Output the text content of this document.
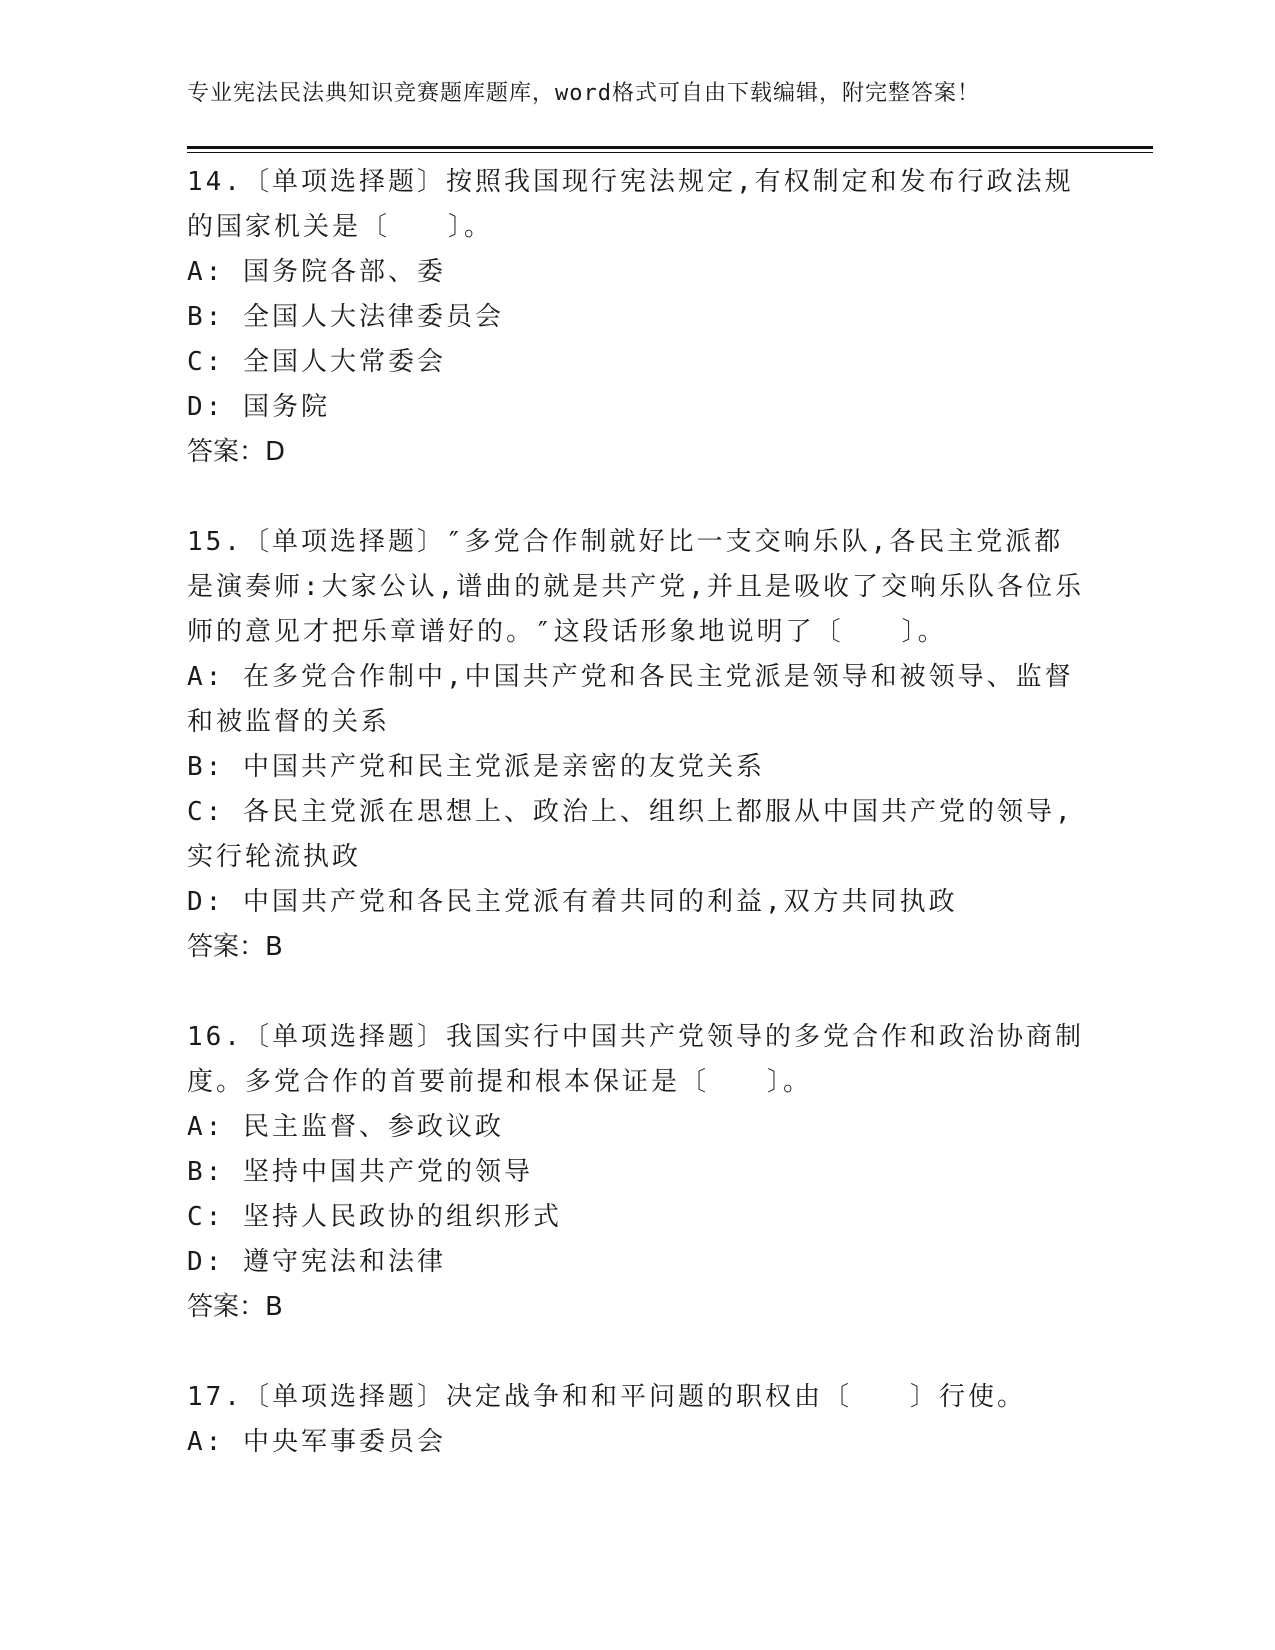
专业宪法民法典知识竞赛题库题库，word格式可自由下载编辑，附完整答案！
14.〔单项选择题〕按照我国现行宪法规定,有权制定和发布行政法规
的国家机关是〔　　〕。
A: 国务院各部、委
B: 全国人大法律委员会
C: 全国人大常委会
D: 国务院
答案：D
15.〔单项选择题〕″多党合作制就好比一支交响乐队,各民主党派都
是演奏师:大家公认,谱曲的就是共产党,并且是吸收了交响乐队各位乐
师的意见才把乐章谱好的。″这段话形象地说明了〔　　〕。
A: 在多党合作制中,中国共产党和各民主党派是领导和被领导、监督
和被监督的关系
B: 中国共产党和民主党派是亲密的友党关系
C: 各民主党派在思想上、政治上、组织上都服从中国共产党的领导,
实行轮流执政
D: 中国共产党和各民主党派有着共同的利益,双方共同执政
答案：B
16.〔单项选择题〕我国实行中国共产党领导的多党合作和政治协商制
度。多党合作的首要前提和根本保证是〔　　〕。
A: 民主监督、参政议政
B: 坚持中国共产党的领导
C: 坚持人民政协的组织形式
D: 遵守宪法和法律
答案：B
17.〔单项选择题〕决定战争和和平问题的职权由〔　　〕行使。
A: 中央军事委员会
